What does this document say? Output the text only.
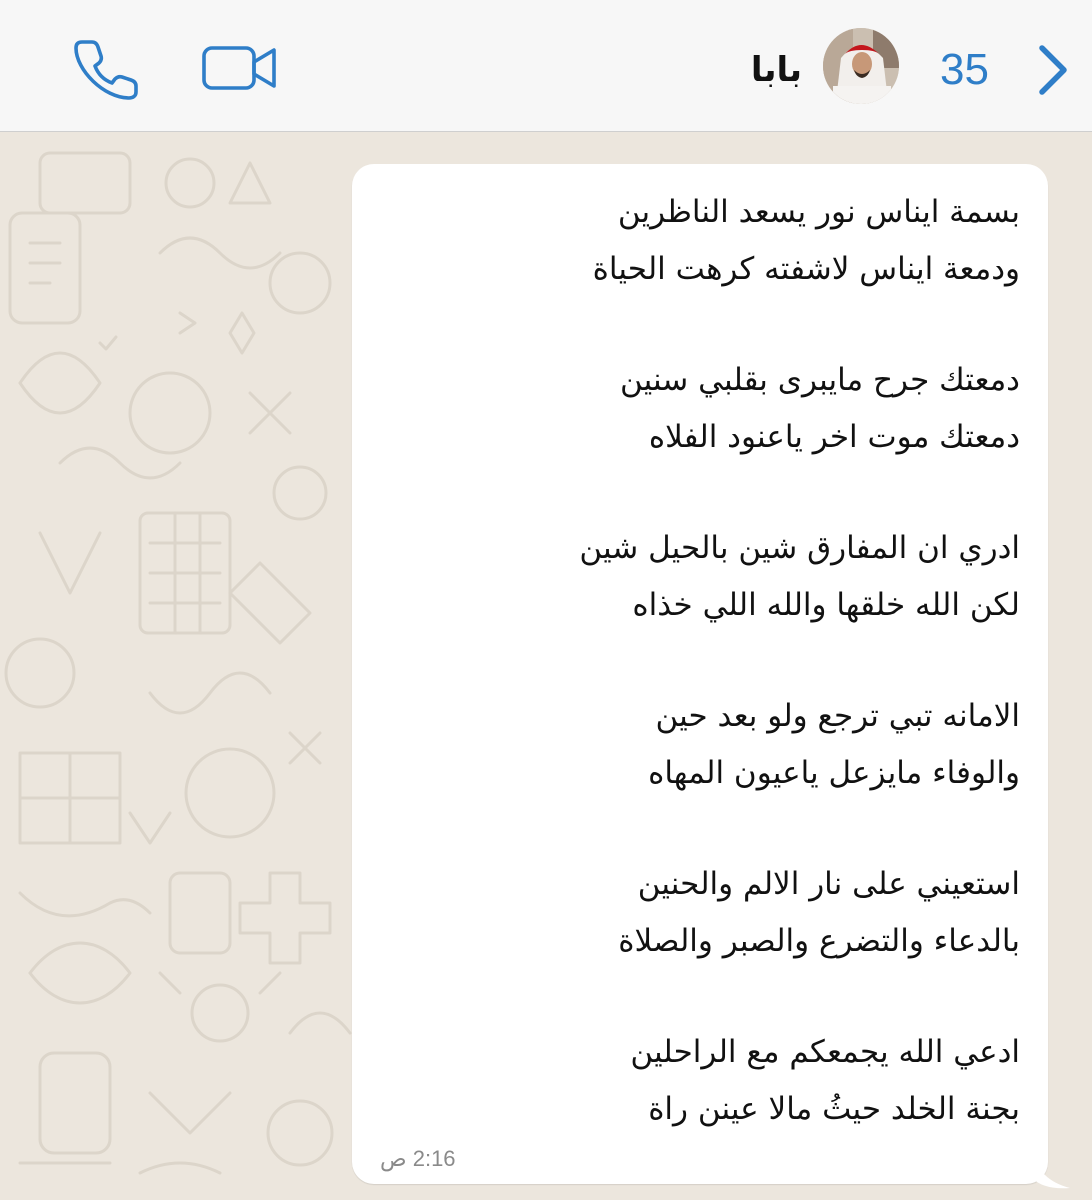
بابا	35
بسمة ايناس نور يسعد الناظرين
ودمعة ايناس لاشفته كرهت الحياة
دمعتك جرح مايبرى بقلبي سنين
دمعتك موت اخر ياعنود الفلاه
ادري ان المفارق شين بالحيل شين
لكن الله خلقها والله اللي خذاه
الامانه تبي ترجع ولو بعد حين
والوفاء مايزعل ياعيون المهاه
استعيني على نار الالم والحنين
بالدعاء والتضرع والصبر والصلاة
ادعي الله يجمعكم مع الراحلين
بجنة الخلد حيثُ مالا عينن راة
2:16 ص
